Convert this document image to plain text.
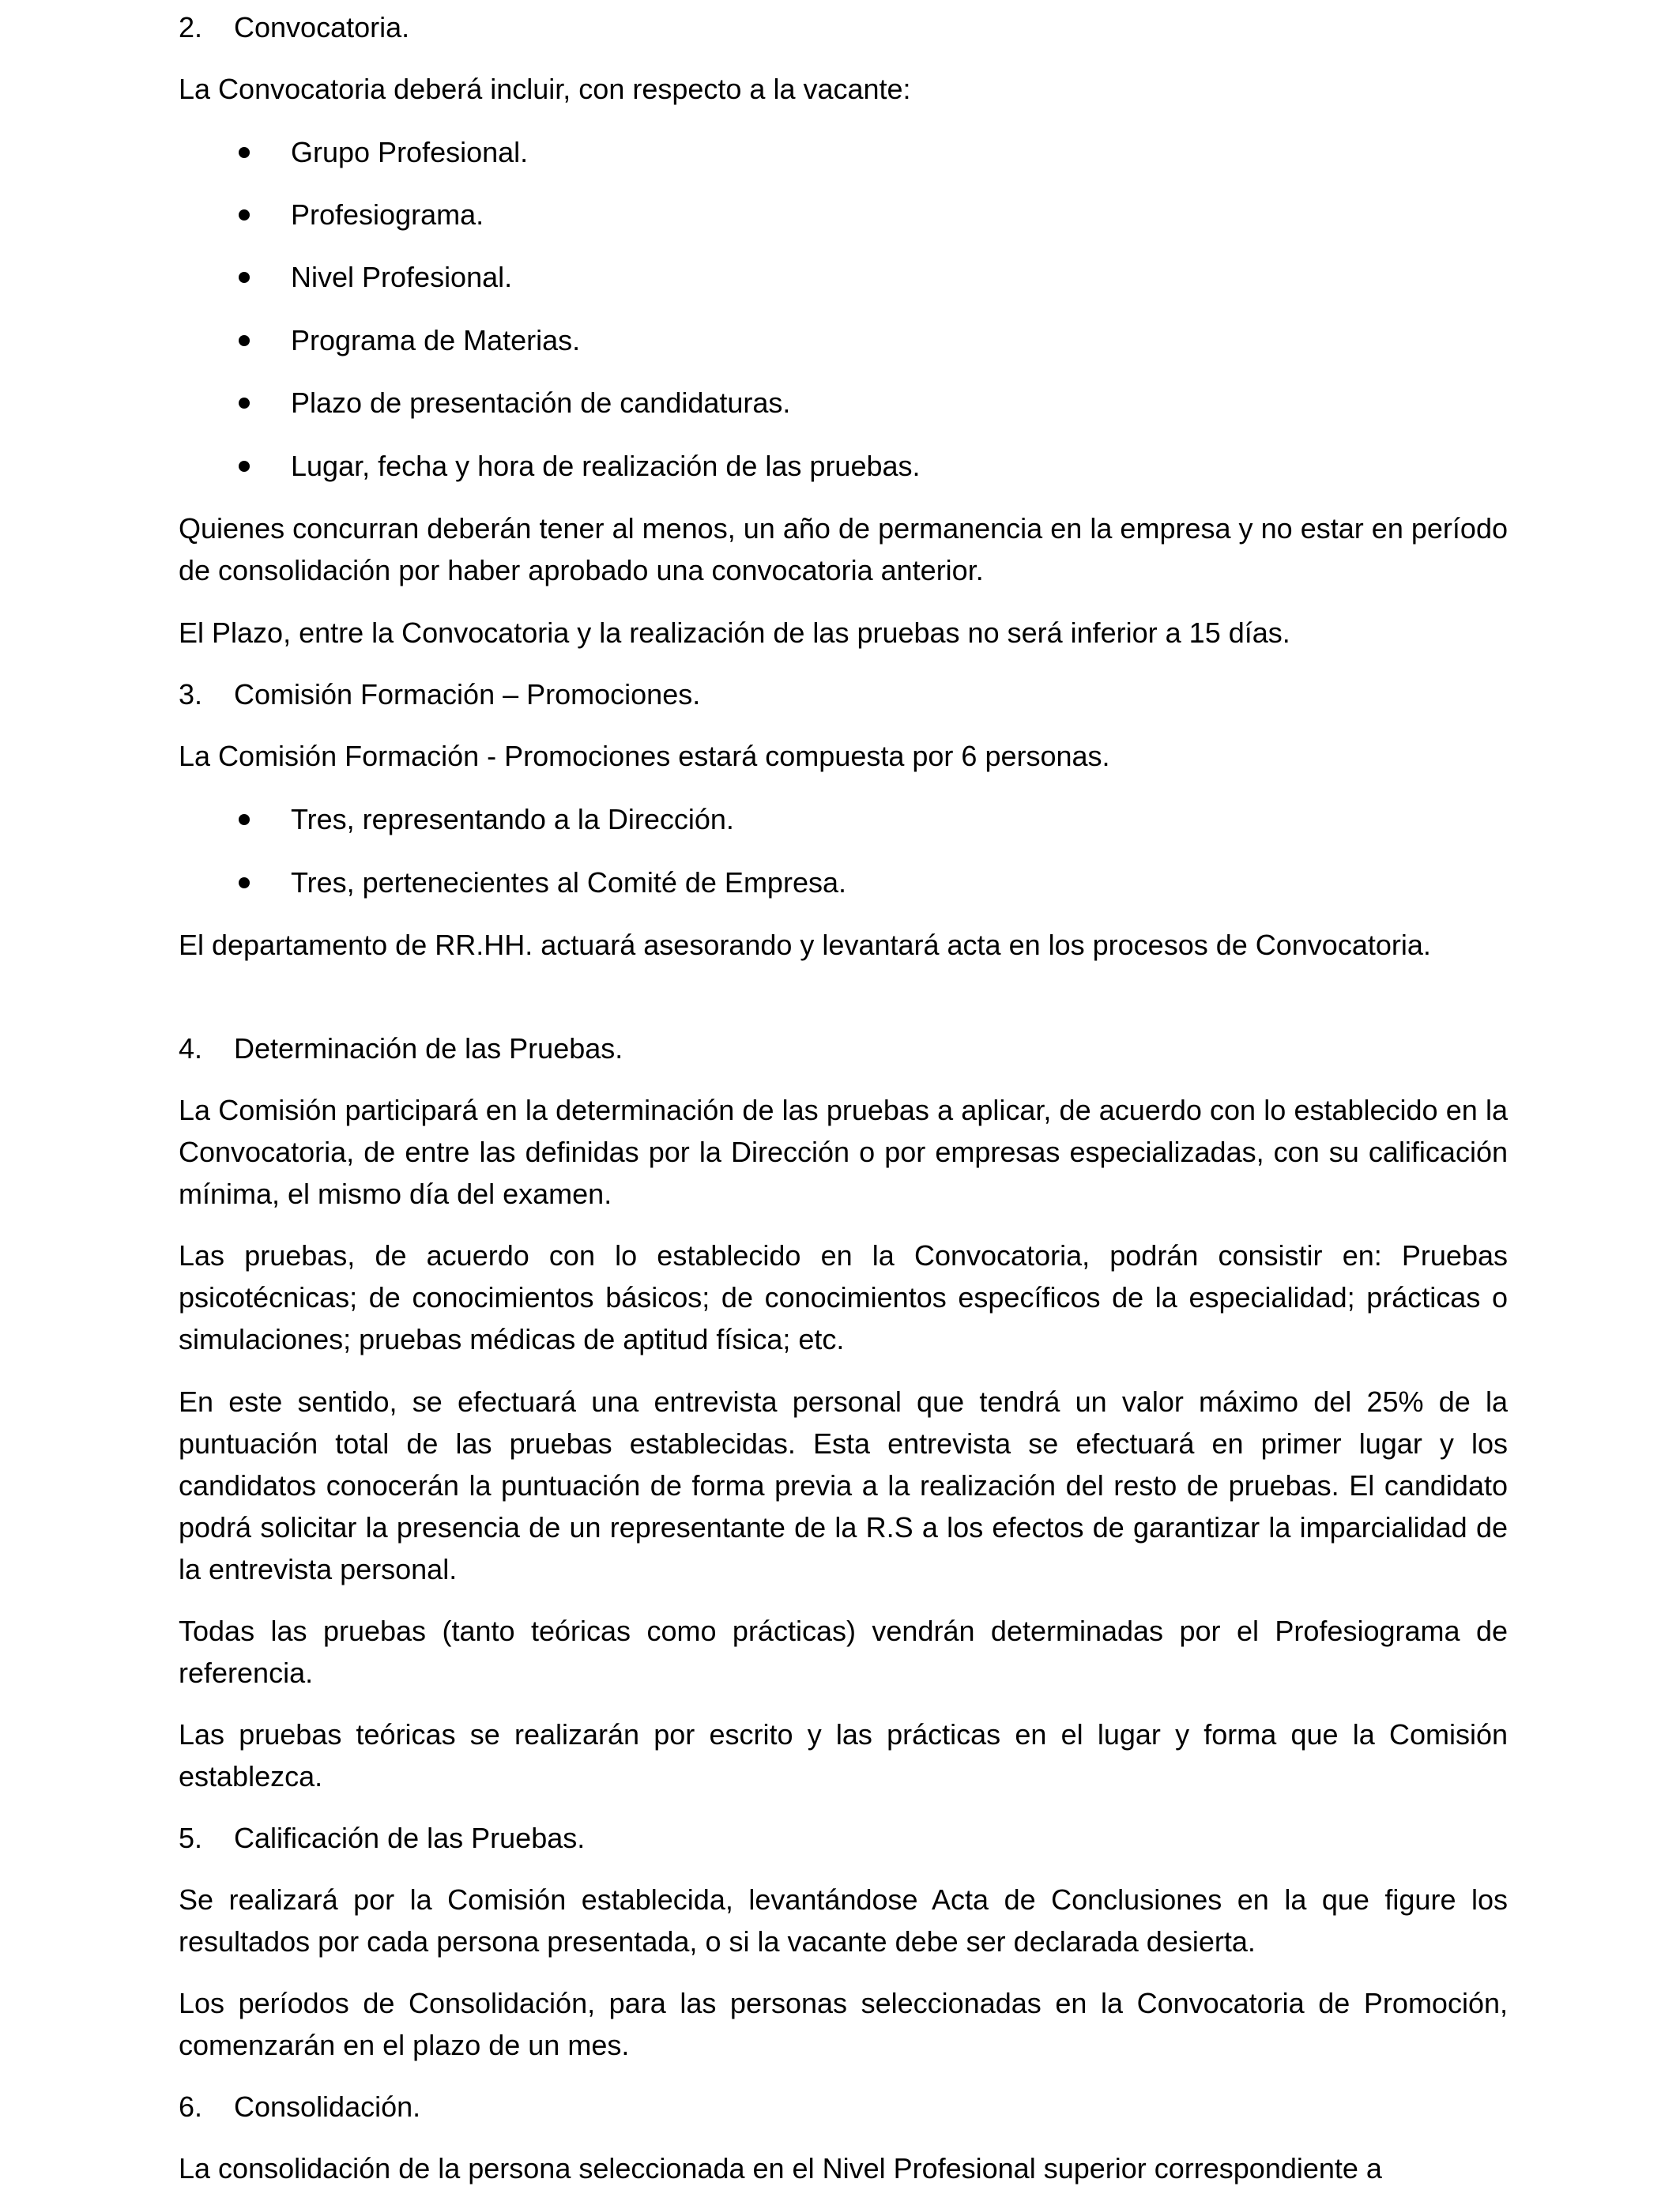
2. Convocatoria.
La Convocatoria deberá incluir, con respecto a la vacante:
Grupo Profesional.
Profesiograma.
Nivel Profesional.
Programa de Materias.
Plazo de presentación de candidaturas.
Lugar, fecha y hora de realización de las pruebas.
Quienes concurran deberán tener al menos, un año de permanencia en la empresa y no estar en período de consolidación por haber aprobado una convocatoria anterior.
El Plazo, entre la Convocatoria y la realización de las pruebas no será inferior a 15 días.
3. Comisión Formación – Promociones.
La Comisión Formación - Promociones estará compuesta por 6 personas.
Tres, representando a la Dirección.
Tres, pertenecientes al Comité de Empresa.
El departamento de RR.HH. actuará asesorando y levantará acta en los procesos de Convocatoria.
4. Determinación de las Pruebas.
La Comisión participará en la determinación de las pruebas a aplicar, de acuerdo con lo establecido en la Convocatoria, de entre las definidas por la Dirección o por empresas especializadas, con su calificación mínima, el mismo día del examen.
Las pruebas, de acuerdo con lo establecido en la Convocatoria, podrán consistir en: Pruebas psicotécnicas; de conocimientos básicos; de conocimientos específicos de la especialidad; prácticas o simulaciones; pruebas médicas de aptitud física; etc.
En este sentido, se efectuará una entrevista personal que tendrá un valor máximo del 25% de la puntuación total de las pruebas establecidas. Esta entrevista se efectuará en primer lugar y los candidatos conocerán la puntuación de forma previa a la realización del resto de pruebas. El candidato podrá solicitar la presencia de un representante de la R.S a los efectos de garantizar la imparcialidad de la entrevista personal.
Todas las pruebas (tanto teóricas como prácticas) vendrán determinadas por el Profesiograma de referencia.
Las pruebas teóricas se realizarán por escrito y las prácticas en el lugar y forma que la Comisión establezca.
5. Calificación de las Pruebas.
Se realizará por la Comisión establecida, levantándose Acta de Conclusiones en la que figure los resultados por cada persona presentada, o si la vacante debe ser declarada desierta.
Los períodos de Consolidación, para las personas seleccionadas en la Convocatoria de Promoción, comenzarán en el plazo de un mes.
6. Consolidación.
La consolidación de la persona seleccionada en el Nivel Profesional superior correspondiente a
